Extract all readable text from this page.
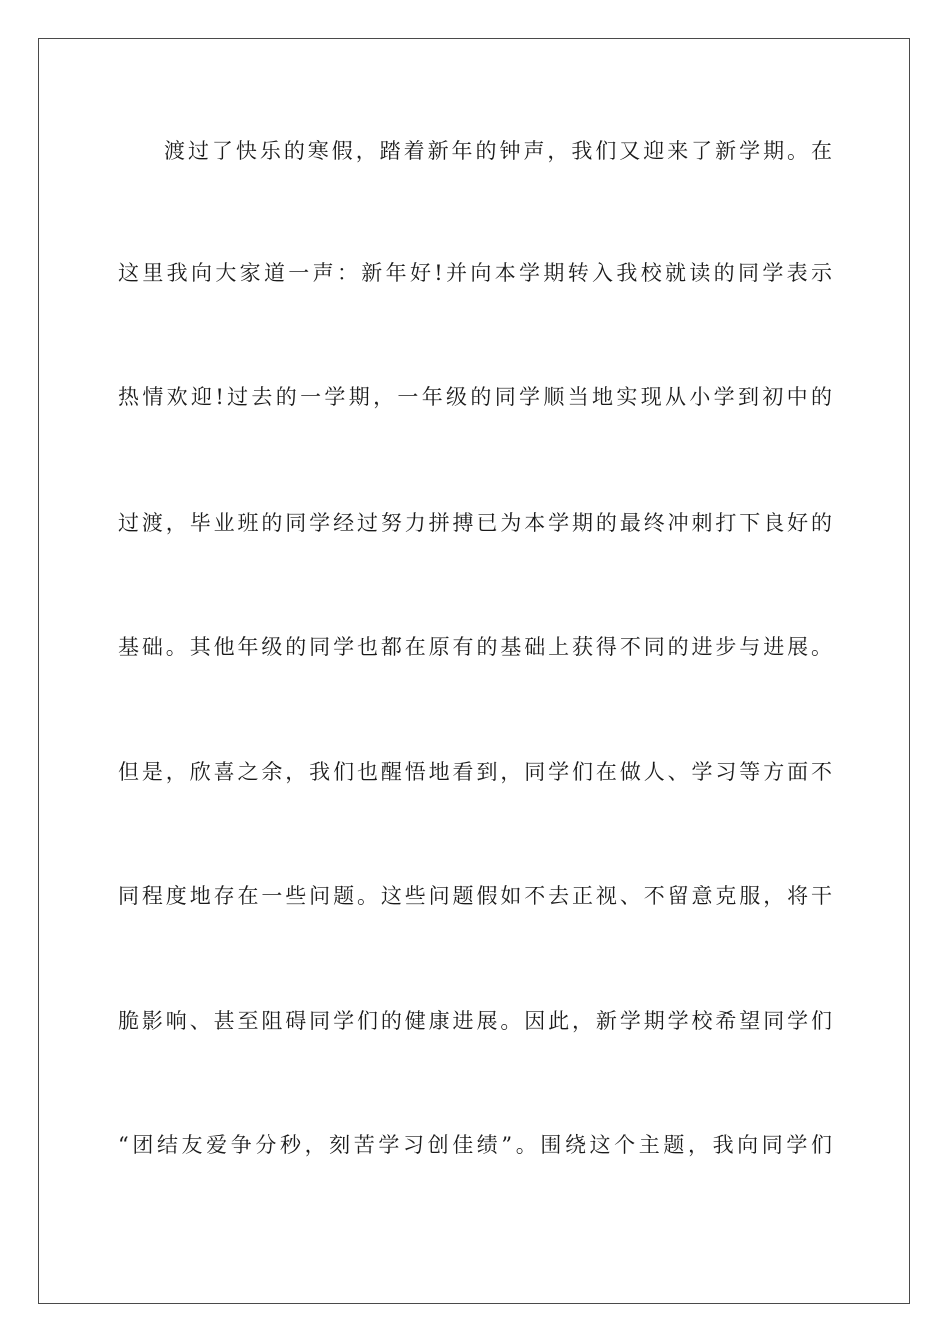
渡过了快乐的寒假，踏着新年的钟声，我们又迎来了新学期。在
这里我向大家道一声：新年好!并向本学期转入我校就读的同学表示
热情欢迎!过去的一学期，一年级的同学顺当地实现从小学到初中的
过渡，毕业班的同学经过努力拼搏已为本学期的最终冲刺打下良好的
基础。其他年级的同学也都在原有的基础上获得不同的进步与进展。
但是，欣喜之余，我们也醒悟地看到，同学们在做人、学习等方面不
同程度地存在一些问题。这些问题假如不去正视、不留意克服，将干
脆影响、甚至阻碍同学们的健康进展。因此，新学期学校希望同学们
“团结友爱争分秒，刻苦学习创佳绩”。围绕这个主题，我向同学们
